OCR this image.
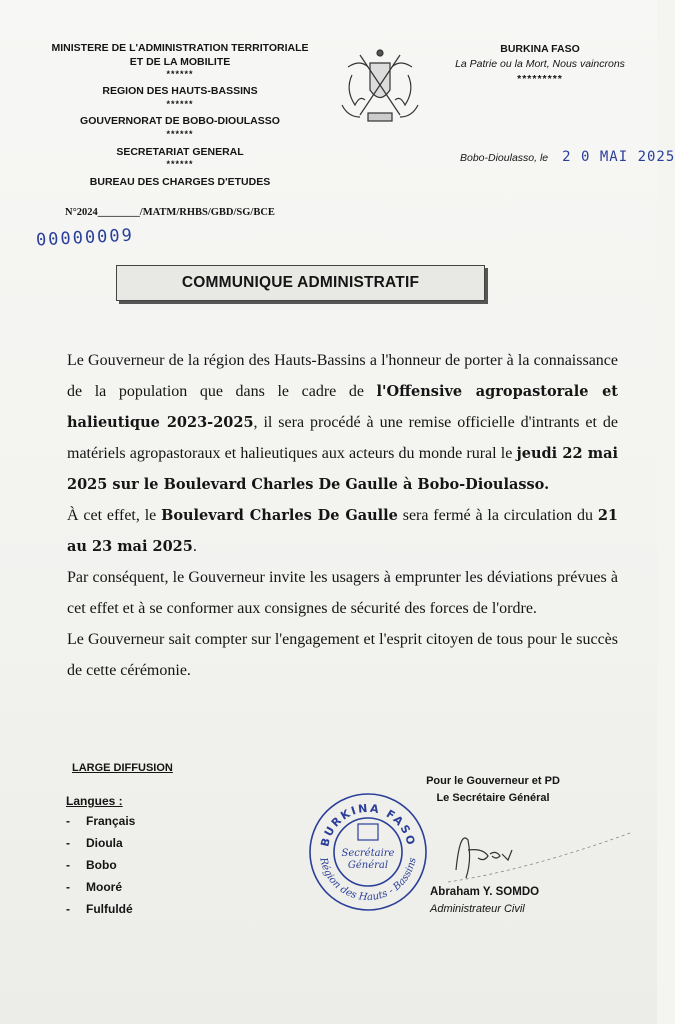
MINISTERE DE L'ADMINISTRATION TERRITORIALE
ET DE LA MOBILITE
******
REGION DES HAUTS-BASSINS
******
GOUVERNORAT DE BOBO-DIOULASSO
******
SECRETARIAT GENERAL
******
BUREAU DES CHARGES D'ETUDES
N°2024________/MATM/RHBS/GBD/SG/BCE
00000009
BURKINA FASO
La Patrie ou la Mort, Nous vaincrons
*********
Bobo-Dioulasso, le 2 0 MAI 2025
COMMUNIQUE ADMINISTRATIF

Le Gouverneur de la région des Hauts-Bassins a l'honneur de porter à la connaissance de la population que dans le cadre de l'Offensive agropastorale et halieutique 2023-2025, il sera procédé à une remise officielle d'intrants et de matériels agropastoraux et halieutiques aux acteurs du monde rural le jeudi 22 mai 2025 sur le Boulevard Charles De Gaulle à Bobo-Dioulasso.

À cet effet, le Boulevard Charles De Gaulle sera fermé à la circulation du 21 au 23 mai 2025.

Par conséquent, le Gouverneur invite les usagers à emprunter les déviations prévues à cet effet et à se conformer aux consignes de sécurité des forces de l'ordre.

Le Gouverneur sait compter sur l'engagement et l'esprit citoyen de tous pour le succès de cette cérémonie.

LARGE DIFFUSION
Langues :
-	Français
-	Dioula
-	Bobo
-	Mooré
-	Fulfuldé
Pour le Gouverneur et PD
Le Secrétaire Général
BURKINA FASO
Région des Hauts - Bassins
Secrétaire
Général
Abraham Y. SOMDO
Administrateur Civil
